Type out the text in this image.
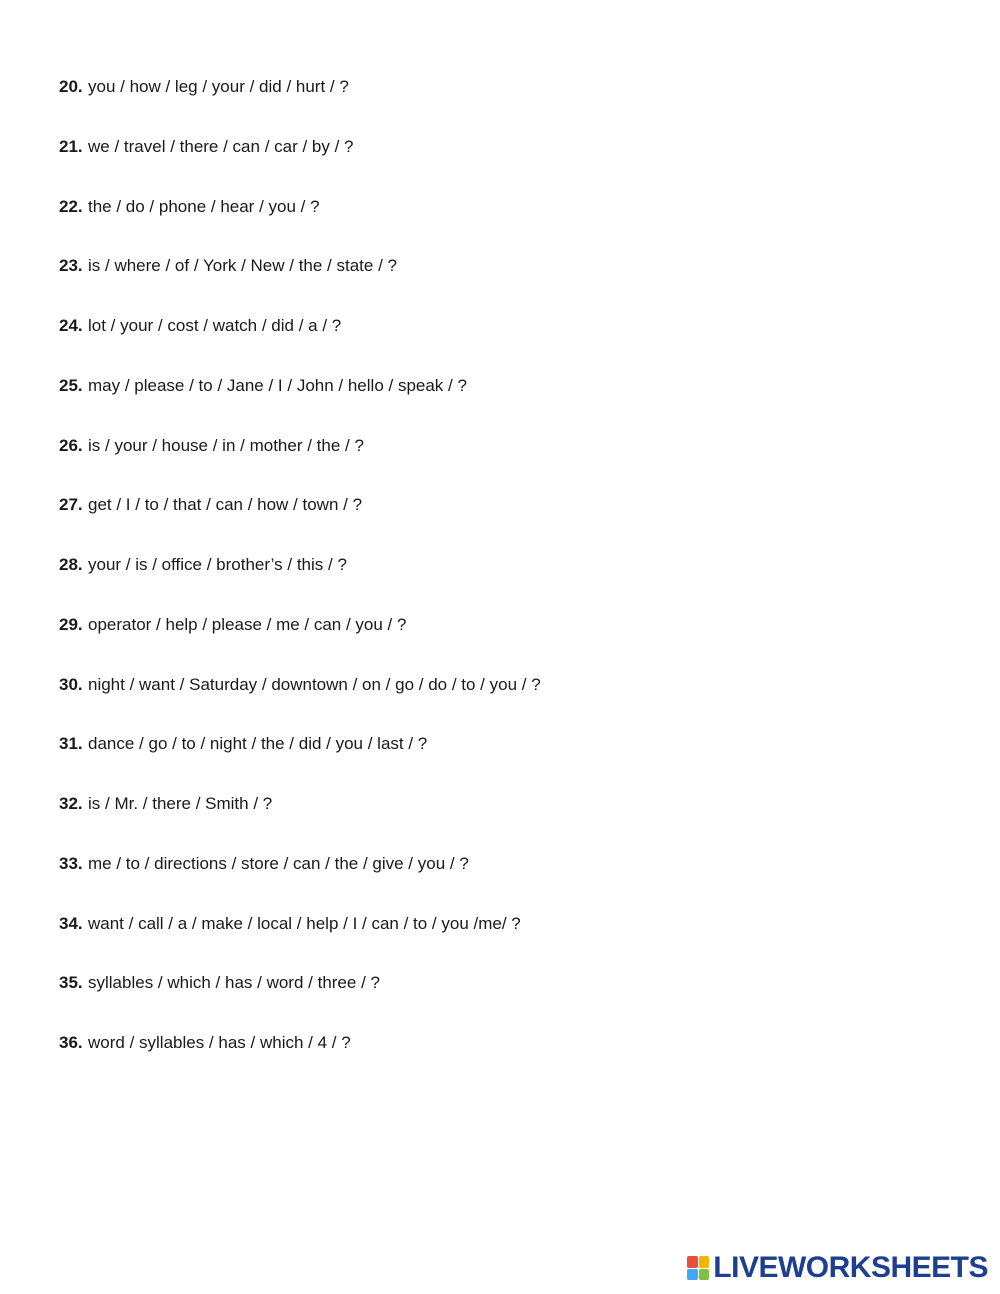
20. you / how / leg / your / did / hurt / ?
21. we / travel / there / can / car / by / ?
22. the / do / phone / hear / you / ?
23. is / where / of / York / New / the / state / ?
24. lot / your / cost / watch / did / a / ?
25. may / please / to / Jane / I / John / hello / speak / ?
26. is / your / house / in / mother / the / ?
27. get / I / to / that / can / how / town / ?
28. your / is / office / brother’s / this / ?
29. operator / help / please / me / can / you / ?
30. night / want / Saturday / downtown / on / go / do / to / you / ?
31. dance / go / to / night / the / did / you / last / ?
32. is / Mr. / there / Smith / ?
33. me / to / directions / store / can / the / give / you / ?
34. want / call / a / make / local / help / I / can / to / you /me/ ?
35. syllables / which / has / word / three / ?
36. word / syllables / has / which / 4 / ?
LIVEWORKSHEETS
